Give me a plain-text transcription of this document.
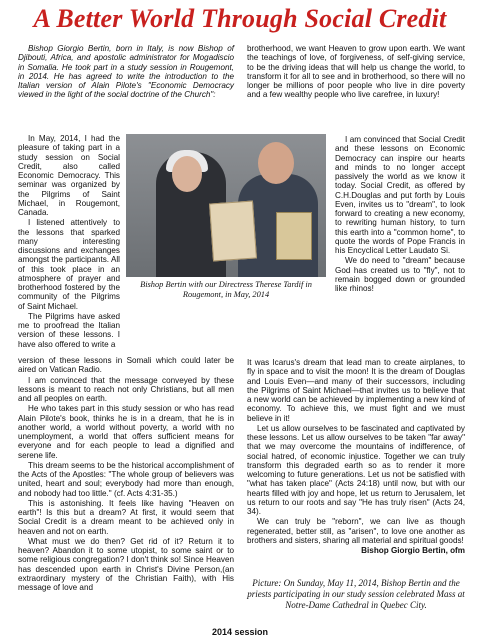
A Better World Through Social Credit
Bishop Giorgio Bertin, born in Italy, is now Bishop of Djibouti, Africa, and apostolic administrator for Mogadiscio in Somalia. He took part in a study session in Rougemont, in 2014. He has agreed to write the introduction to the Italian version of Alain Pilote's "Economic Democracy viewed in the light of the social doctrine of the Church":

In May, 2014, I had the pleasure of taking part in a study session on Social Credit, also called Economic Democracy. This seminar was organized by the Pilgrims of Saint Michael, in Rougemont, Canada.

I listened attentively to the lessons that sparked many interesting discussions and exchanges amongst the participants. All of this took place in an atmosphere of prayer and brotherhood fostered by the community of the Pilgrims of Saint Michael.

The Pilgrims have asked me to proofread the Italian version of these lessons. I have also offered to write a

Bishop Bertin with our Directress Therese Tardif in Rougemont, in May, 2014

version of these lessons in Somali which could later be aired on Vatican Radio.

I am convinced that the message conveyed by these lessons is meant to reach not only Christians, but all men and all peoples on earth.

He who takes part in this study session or who has read Alain Pilote's book, thinks he is in a dream, that he is in another world, a world without poverty, a world with no unemployment, a world that offers sufficient means for everyone and for each people to lead a dignified and serene life.

This dream seems to be the historical accomplishment of the Acts of the Apostles: "The whole group of believers was united, heart and soul; everybody had more than enough, and nobody had too little." (cf. Acts 4:31-35.)

This is astonishing. It feels like having "Heaven on earth"! Is this but a dream? At first, it would seem that Social Credit is a dream meant to be achieved only in heaven and not on earth.

What must we do then? Get rid of it? Return it to heaven? Abandon it to some utopist, to some saint or to some religious congregation? I don't think so! Since Heaven has descended upon earth in Christ's Divine Person,(an extraordinary mystery of the Christian Faith), with His message of love and

brotherhood, we want Heaven to grow upon earth. We want the teachings of love, of forgiveness, of self-giving service, to be the driving ideas that will help us change the world, to transform it for all to see and in brotherhood, so there will no longer be millions of poor people who live in dire poverty and a few wealthy people who live carefree, in luxury!

I am convinced that Social Credit and these lessons on Economic Democracy can inspire our hearts and minds to no longer accept passively the world as we know it today. Social Credit, as offered by C.H.Douglas and put forth by Louis Even, invites us to "dream", to look forward to creating a new economy, to rewriting human history, to turn this earth into a "common home", to quote the words of Pope Francis in his Encyclical Letter Laudato Si.

We do need to "dream" because God has created us to "fly", not to remain bogged down or grounded like rhinos!

It was Icarus's dream that lead man to create airplanes, to fly in space and to visit the moon! It is the dream of Douglas and Louis Even—and many of their successors, including the Pilgrims of Saint Michael—that invites us to believe that a new world can be achieved by implementing a new kind of economy. To achieve this, we must fight and we must believe in it!

Let us allow ourselves to be fascinated and captivated by these lessons. Let us allow ourselves to be taken "far away" that we may overcome the mountains of indifference, of social hatred, of economic injustice. Together we can truly transform this degraded earth so as to render it more welcoming to future generations. Let us not be satisfied with "what has taken place" (Acts 24:18) until now, but with our hearts filled with joy and hope, let us return to Jerusalem, let us return to our roots and say "He has truly risen" (Acts 24, 34).

We can truly be "reborn", we can live as though regenerated, better still, as "arisen", to love one another as brothers and sisters, sharing all material and spiritual goods!

Bishop Giorgio Bertin, ofm

Picture: On Sunday, May 11, 2014, Bishop Bertin and the priests participating in our study session celebrated Mass at Notre-Dame Cathedral in Quebec City.

2014 session
